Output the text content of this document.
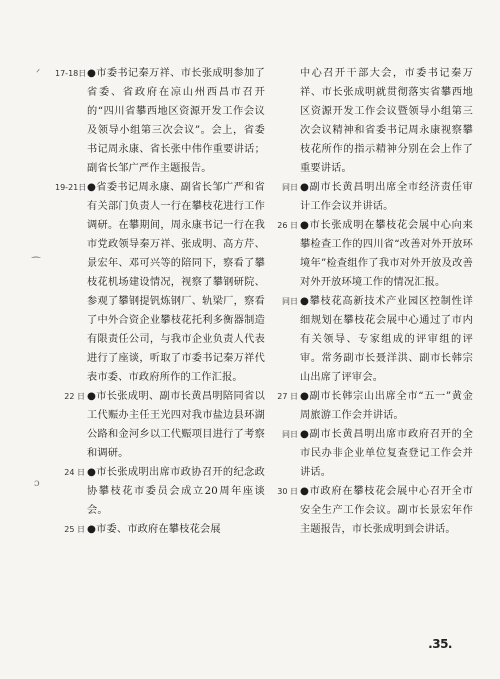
17-18日 ●市委书记秦万祥、市长张成明参加了省委、省政府在凉山州西昌市召开的“四川省攀西地区资源开发工作会议及领导小组第三次会议”。会上，省委书记周永康、省长张中伟作重要讲话；副省长邹广严作主题报告。
19-21日 ●省委书记周永康、副省长邹广严和省有关部门负责人一行在攀枝花进行工作调研。在攀期间，周永康书记一行在我市党政领导秦万祥、张成明、高方芹、景宏年、邓可兴等的陪同下，察看了攀枝花机场建设情况，视察了攀钢研院、参观了攀钢提钒炼钢厂、轨梁厂，察看了中外合资企业攀枝花托利多衡器制造有限责任公司，与我市企业负责人代表进行了座谈，听取了市委书记秦万祥代表市委、市政府所作的工作汇报。
22 日 ●市长张成明、副市长黄昌明陪同省以工代赈办主任王光四对我市盐边县环湖公路和金河乡以工代赈项目进行了考察和调研。
24 日 ●市长张成明出席市政协召开的纪念政协攀枝花市委员会成立20周年座谈会。
25 日 ●市委、市政府在攀枝花会展
中心召开干部大会，市委书记秦万祥、市长张成明就贯彻落实省攀西地区资源开发工作会议暨领导小组第三次会议精神和省委书记周永康视察攀枝花所作的指示精神分别在会上作了重要讲话。
同日 ●副市长黄昌明出席全市经济责任审计工作会议并讲话。
26 日 ●市长张成明在攀枝花会展中心向来攀检查工作的四川省“改善对外开放环境年”检查组作了我市对外开放及改善对外开放环境工作的情况汇报。
同日 ●攀枝花高新技术产业园区控制性详细规划在攀枝花会展中心通过了市内有关领导、专家组成的评审组的评审。常务副市长聂洋洪、副市长韩宗山出席了评审会。
27 日 ●副市长韩宗山出席全市“五一”黄金周旅游工作会并讲话。
同日 ●副市长黄昌明出席市政府召开的全市民办非企业单位复查登记工作会并讲话。
30 日 ●市政府在攀枝花会展中心召开全市安全生产工作会议。副市长景宏年作主题报告，市长张成明到会讲话。
.35.
ᐟ
⁀
ɔ
